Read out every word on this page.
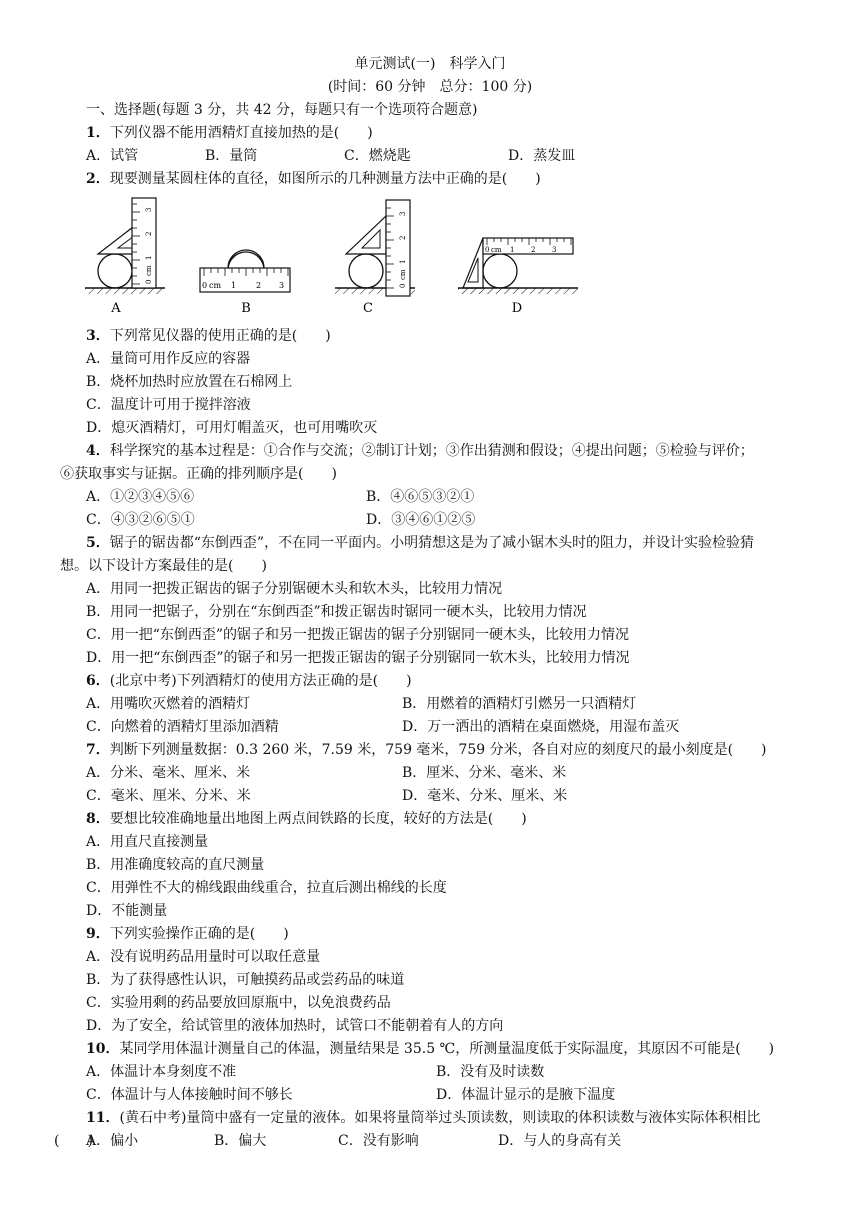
单元测试(一)　科学入门
(时间：60 分钟　总分：100 分)
一、选择题(每题 3 分，共 42 分，每题只有一个选项符合题意)
1．下列仪器不能用酒精灯直接加热的是(　　)
A．试管	B．量筒	C．燃烧匙	D．蒸发皿
2．现要测量某圆柱体的直径，如图所示的几种测量方法中正确的是(　　)
0
cm
1
2
3
A
0 cm 1 2 3
B
0
cm
1
2
3
C
0 cm 1 2 3
D
3．下列常见仪器的使用正确的是(　　)
A．量筒可用作反应的容器
B．烧杯加热时应放置在石棉网上
C．温度计可用于搅拌溶液
D．熄灭酒精灯，可用灯帽盖灭，也可用嘴吹灭
4．科学探究的基本过程是：①合作与交流；②制订计划；③作出猜测和假设；④提出问题；⑤检验与评价；
⑥获取事实与证据。正确的排列顺序是(　　)
A．①②③④⑤⑥	B．④⑥⑤③②①
C．④③②⑥⑤①	D．③④⑥①②⑤
5．锯子的锯齿都“东倒西歪”，不在同一平面内。小明猜想这是为了减小锯木头时的阻力，并设计实验检验猜
想。以下设计方案最佳的是(　　)
A．用同一把拨正锯齿的锯子分别锯硬木头和软木头，比较用力情况
B．用同一把锯子，分别在“东倒西歪”和拨正锯齿时锯同一硬木头，比较用力情况
C．用一把“东倒西歪”的锯子和另一把拨正锯齿的锯子分别锯同一硬木头，比较用力情况
D．用一把“东倒西歪”的锯子和另一把拨正锯齿的锯子分别锯同一软木头，比较用力情况
6．(北京中考)下列酒精灯的使用方法正确的是(　　)
A．用嘴吹灭燃着的酒精灯	B．用燃着的酒精灯引燃另一只酒精灯
C．向燃着的酒精灯里添加酒精	D．万一洒出的酒精在桌面燃烧，用湿布盖灭
7．判断下列测量数据：0.3 260 米，7.59 米，759 毫米，759 分米，各自对应的刻度尺的最小刻度是(　　)
A．分米、毫米、厘米、米	B．厘米、分米、毫米、米
C．毫米、厘米、分米、米	D．毫米、分米、厘米、米
8．要想比较准确地量出地图上两点间铁路的长度，较好的方法是(　　)
A．用直尺直接测量
B．用准确度较高的直尺测量
C．用弹性不大的棉线跟曲线重合，拉直后测出棉线的长度
D．不能测量
9．下列实验操作正确的是(　　)
A．没有说明药品用量时可以取任意量
B．为了获得感性认识，可触摸药品或尝药品的味道
C．实验用剩的药品要放回原瓶中，以免浪费药品
D．为了安全，给试管里的液体加热时，试管口不能朝着有人的方向
10．某同学用体温计测量自己的体温，测量结果是 35.5 ℃，所测量温度低于实际温度，其原因不可能是(　　)
A．体温计本身刻度不准	B．没有及时读数
C．体温计与人体接触时间不够长	D．体温计显示的是腋下温度
11．(黄石中考)量筒中盛有一定量的液体。如果将量筒举过头顶读数，则读取的体积读数与液体实际体积相比
(　　)
A．偏小	B．偏大	C．没有影响	D．与人的身高有关
